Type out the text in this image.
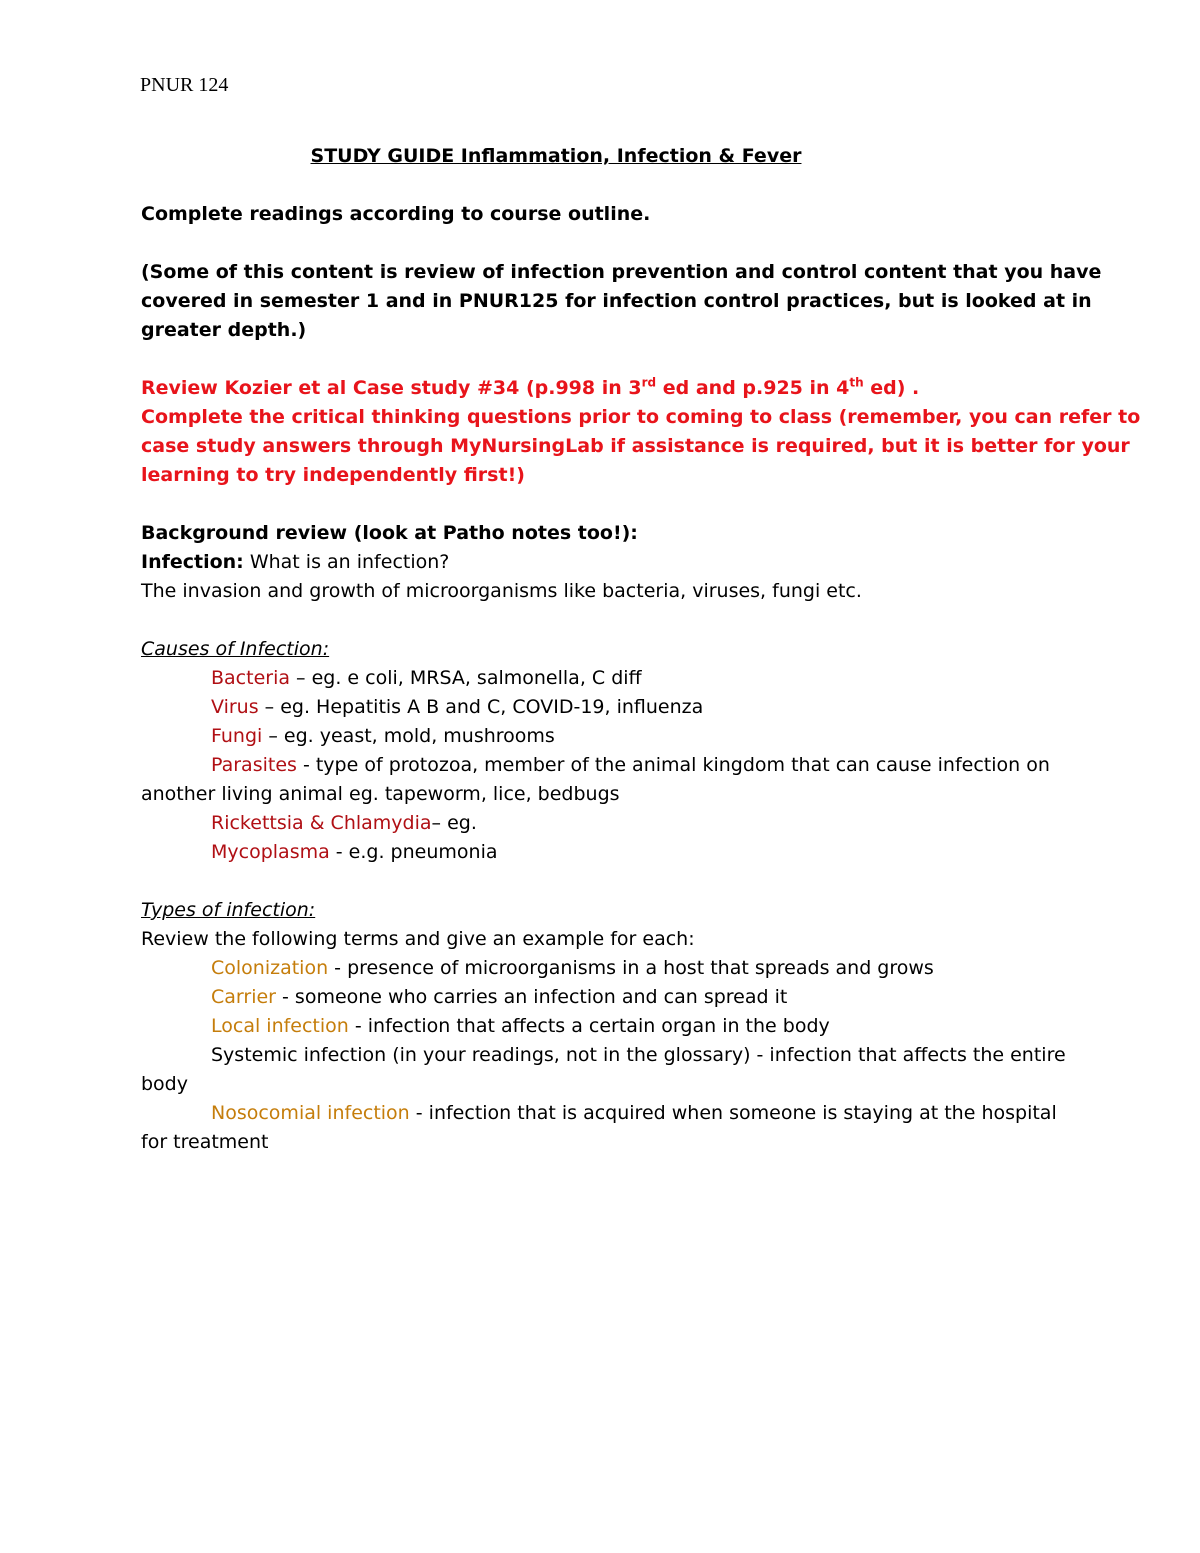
PNUR 124
STUDY GUIDE Inflammation, Infection & Fever
Complete readings according to course outline.
(Some of this content is review of infection prevention and control content that you have
covered in semester 1 and in PNUR125 for infection control practices, but is looked at in
greater depth.)
Review Kozier et al Case study #34 (p.998 in 3rd ed and p.925 in 4th ed) .
Complete the critical thinking questions prior to coming to class (remember, you can refer to
case study answers through MyNursingLab if assistance is required, but it is better for your
learning to try independently first!)
Background review (look at Patho notes too!):
Infection: What is an infection?
The invasion and growth of microorganisms like bacteria, viruses, fungi etc.
Causes of Infection:
Bacteria – eg. e coli, MRSA, salmonella, C diff
Virus – eg. Hepatitis A B and C, COVID-19, influenza
Fungi – eg. yeast, mold, mushrooms
Parasites - type of protozoa, member of the animal kingdom that can cause infection on
another living animal eg. tapeworm, lice, bedbugs
Rickettsia & Chlamydia– eg.
Mycoplasma - e.g. pneumonia
Types of infection:
Review the following terms and give an example for each:
Colonization - presence of microorganisms in a host that spreads and grows
Carrier - someone who carries an infection and can spread it
Local infection - infection that affects a certain organ in the body
Systemic infection (in your readings, not in the glossary) - infection that affects the entire
body
Nosocomial infection - infection that is acquired when someone is staying at the hospital
for treatment
